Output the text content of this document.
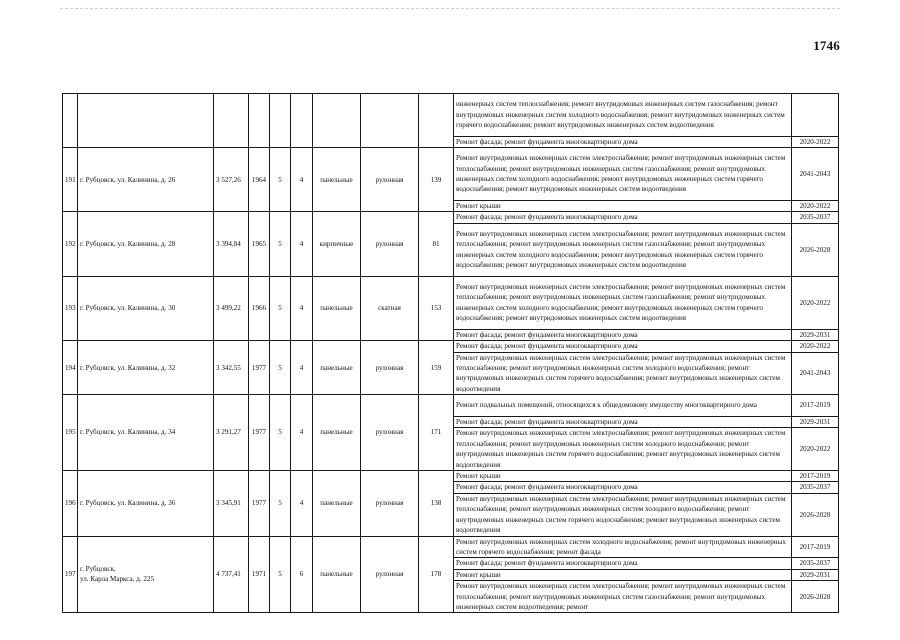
1746
									инженерных систем теплоснабжения; ремонт внутридомовых инженерных систем газоснабжения; ремонт внутридомовых инженерных систем холодного водоснабжения; ремонт внутридомовых инженерных систем горячего водоснабжения; ремонт внутридомовых инженерных систем водоотведения	
									Ремонт фасада; ремонт фундамента многоквартирного дома	2020-2022
191	г. Рубцовск, ул. Калинина, д. 26	3 527,26	1964	5	4	панельные	рулонная	139	Ремонт внутридомовых инженерных систем электроснабжения; ремонт внутридомовых инженерных систем теплоснабжения; ремонт внутридомовых инженерных систем газоснабжения; ремонт внутридомовых инженерных систем холодного водоснабжения; ремонт внутридомовых инженерных систем горячего водоснабжения; ремонт внутридомовых инженерных систем водоотведения	2041-2043
									Ремонт крыши	2020-2022
192	г. Рубцовск, ул. Калинина, д. 28	3 394,84	1965	5	4	кирпичные	рулонная	81	Ремонт фасада; ремонт фундамента многоквартирного дома	2035-2037
									Ремонт внутридомовых инженерных систем электроснабжения; ремонт внутридомовых инженерных систем теплоснабжения; ремонт внутридомовых инженерных систем газоснабжения; ремонт внутридомовых инженерных систем холодного водоснабжения; ремонт внутридомовых инженерных систем горячего водоснабжения; ремонт внутридомовых инженерных систем водоотведения	2026-2028
193	г. Рубцовск, ул. Калинина, д. 30	3 499,22	1966	5	4	панельные	скатная	153	Ремонт внутридомовых инженерных систем электроснабжения; ремонт внутридомовых инженерных систем теплоснабжения; ремонт внутридомовых инженерных систем газоснабжения; ремонт внутридомовых инженерных систем холодного водоснабжения; ремонт внутридомовых инженерных систем горячего водоснабжения; ремонт внутридомовых инженерных систем водоотведения	2020-2022
									Ремонт фасада; ремонт фундамента многоквартирного дома	2029-2031
194	г. Рубцовск, ул. Калинина, д. 32	3 342,55	1977	5	4	панельные	рулонная	159	Ремонт фасада; ремонт фундамента многоквартирного дома	2020-2022
									Ремонт внутридомовых инженерных систем электроснабжения; ремонт внутридомовых инженерных систем теплоснабжения; ремонт внутридомовых инженерных систем холодного водоснабжения; ремонт внутридомовых инженерных систем горячего водоснабжения; ремонт внутридомовых инженерных систем водоотведения	2041-2043
195	г. Рубцовск, ул. Калинина, д. 34	3 291,27	1977	5	4	панельные	рулонная	171	Ремонт подвальных помещений, относящихся к общедомовому имуществу многоквартирного дома	2017-2019
									Ремонт фасада; ремонт фундамента многоквартирного дома	2029-2031
									Ремонт внутридомовых инженерных систем электроснабжения; ремонт внутридомовых инженерных систем теплоснабжения; ремонт внутридомовых инженерных систем холодного водоснабжения; ремонт внутридомовых инженерных систем горячего водоснабжения; ремонт внутридомовых инженерных систем водоотведения	2020-2022
196	г. Рубцовск, ул. Калинина, д. 36	3 345,91	1977	5	4	панельные	рулонная	138	Ремонт крыши	2017-2019
									Ремонт фасада; ремонт фундамента многоквартирного дома	2035-2037
									Ремонт внутридомовых инженерных систем электроснабжения; ремонт внутридомовых инженерных систем теплоснабжения; ремонт внутридомовых инженерных систем холодного водоснабжения; ремонт внутридомовых инженерных систем горячего водоснабжения; ремонт внутридомовых инженерных систем водоотведения	2026-2028
197	г. Рубцовск,
ул. Карла Маркса, д. 225	4 737,41	1971	5	6	панельные	рулонная	178	Ремонт внутридомовых инженерных систем холодного водоснабжения; ремонт внутридомовых инженерных систем горячего водоснабжения; ремонт фасада	2017-2019
									Ремонт фасада; ремонт фундамента многоквартирного дома	2035-2037
									Ремонт крыши	2029-2031
									Ремонт внутридомовых инженерных систем электроснабжения; ремонт внутридомовых инженерных систем теплоснабжения; ремонт внутридомовых инженерных систем газоснабжения; ремонт внутридомовых инженерных систем водоотведения; ремонт	2026-2028
